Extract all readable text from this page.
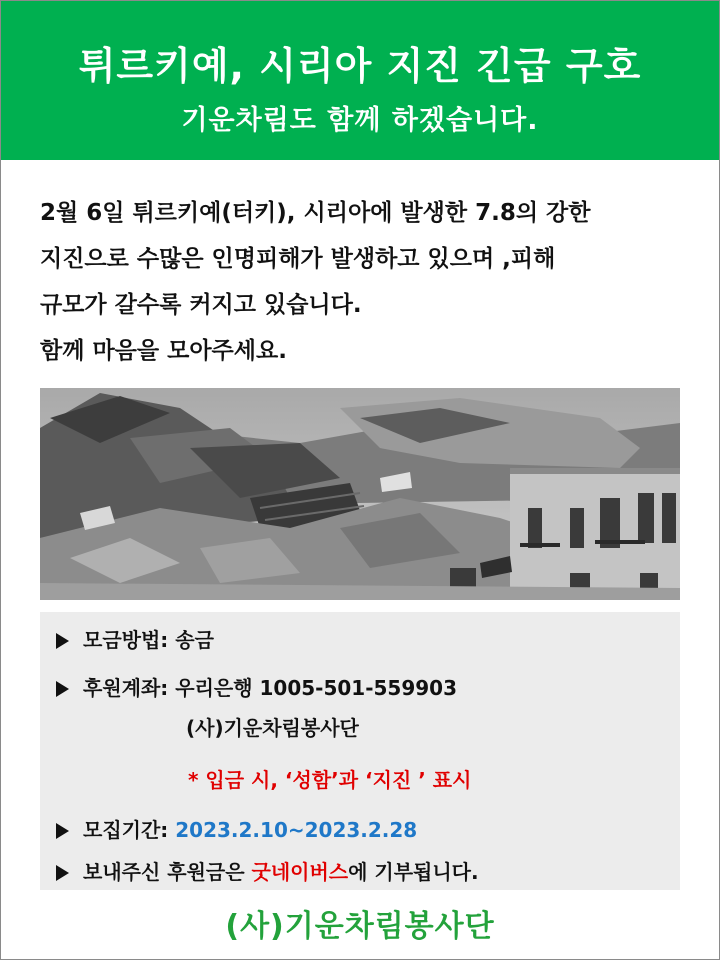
튀르키예, 시리아 지진 긴급 구호
기운차림도 함께 하겠습니다.

2월 6일 튀르키예(터키), 시리아에 발생한 7.8의 강한

지진으로 수많은 인명피해가 발생하고 있으며 ,피해

규모가 갈수록 커지고 있습니다.

함께 마음을 모아주세요.

모금방법: 송금
후원계좌: 우리은행 1005-501-559903
(사)기운차림봉사단
* 입금 시, ‘성함’과 ‘지진 ’ 표시
모집기간: 2023.2.10~2023.2.28
보내주신 후원금은 굿네이버스에 기부됩니다.
(사)기운차림봉사단
